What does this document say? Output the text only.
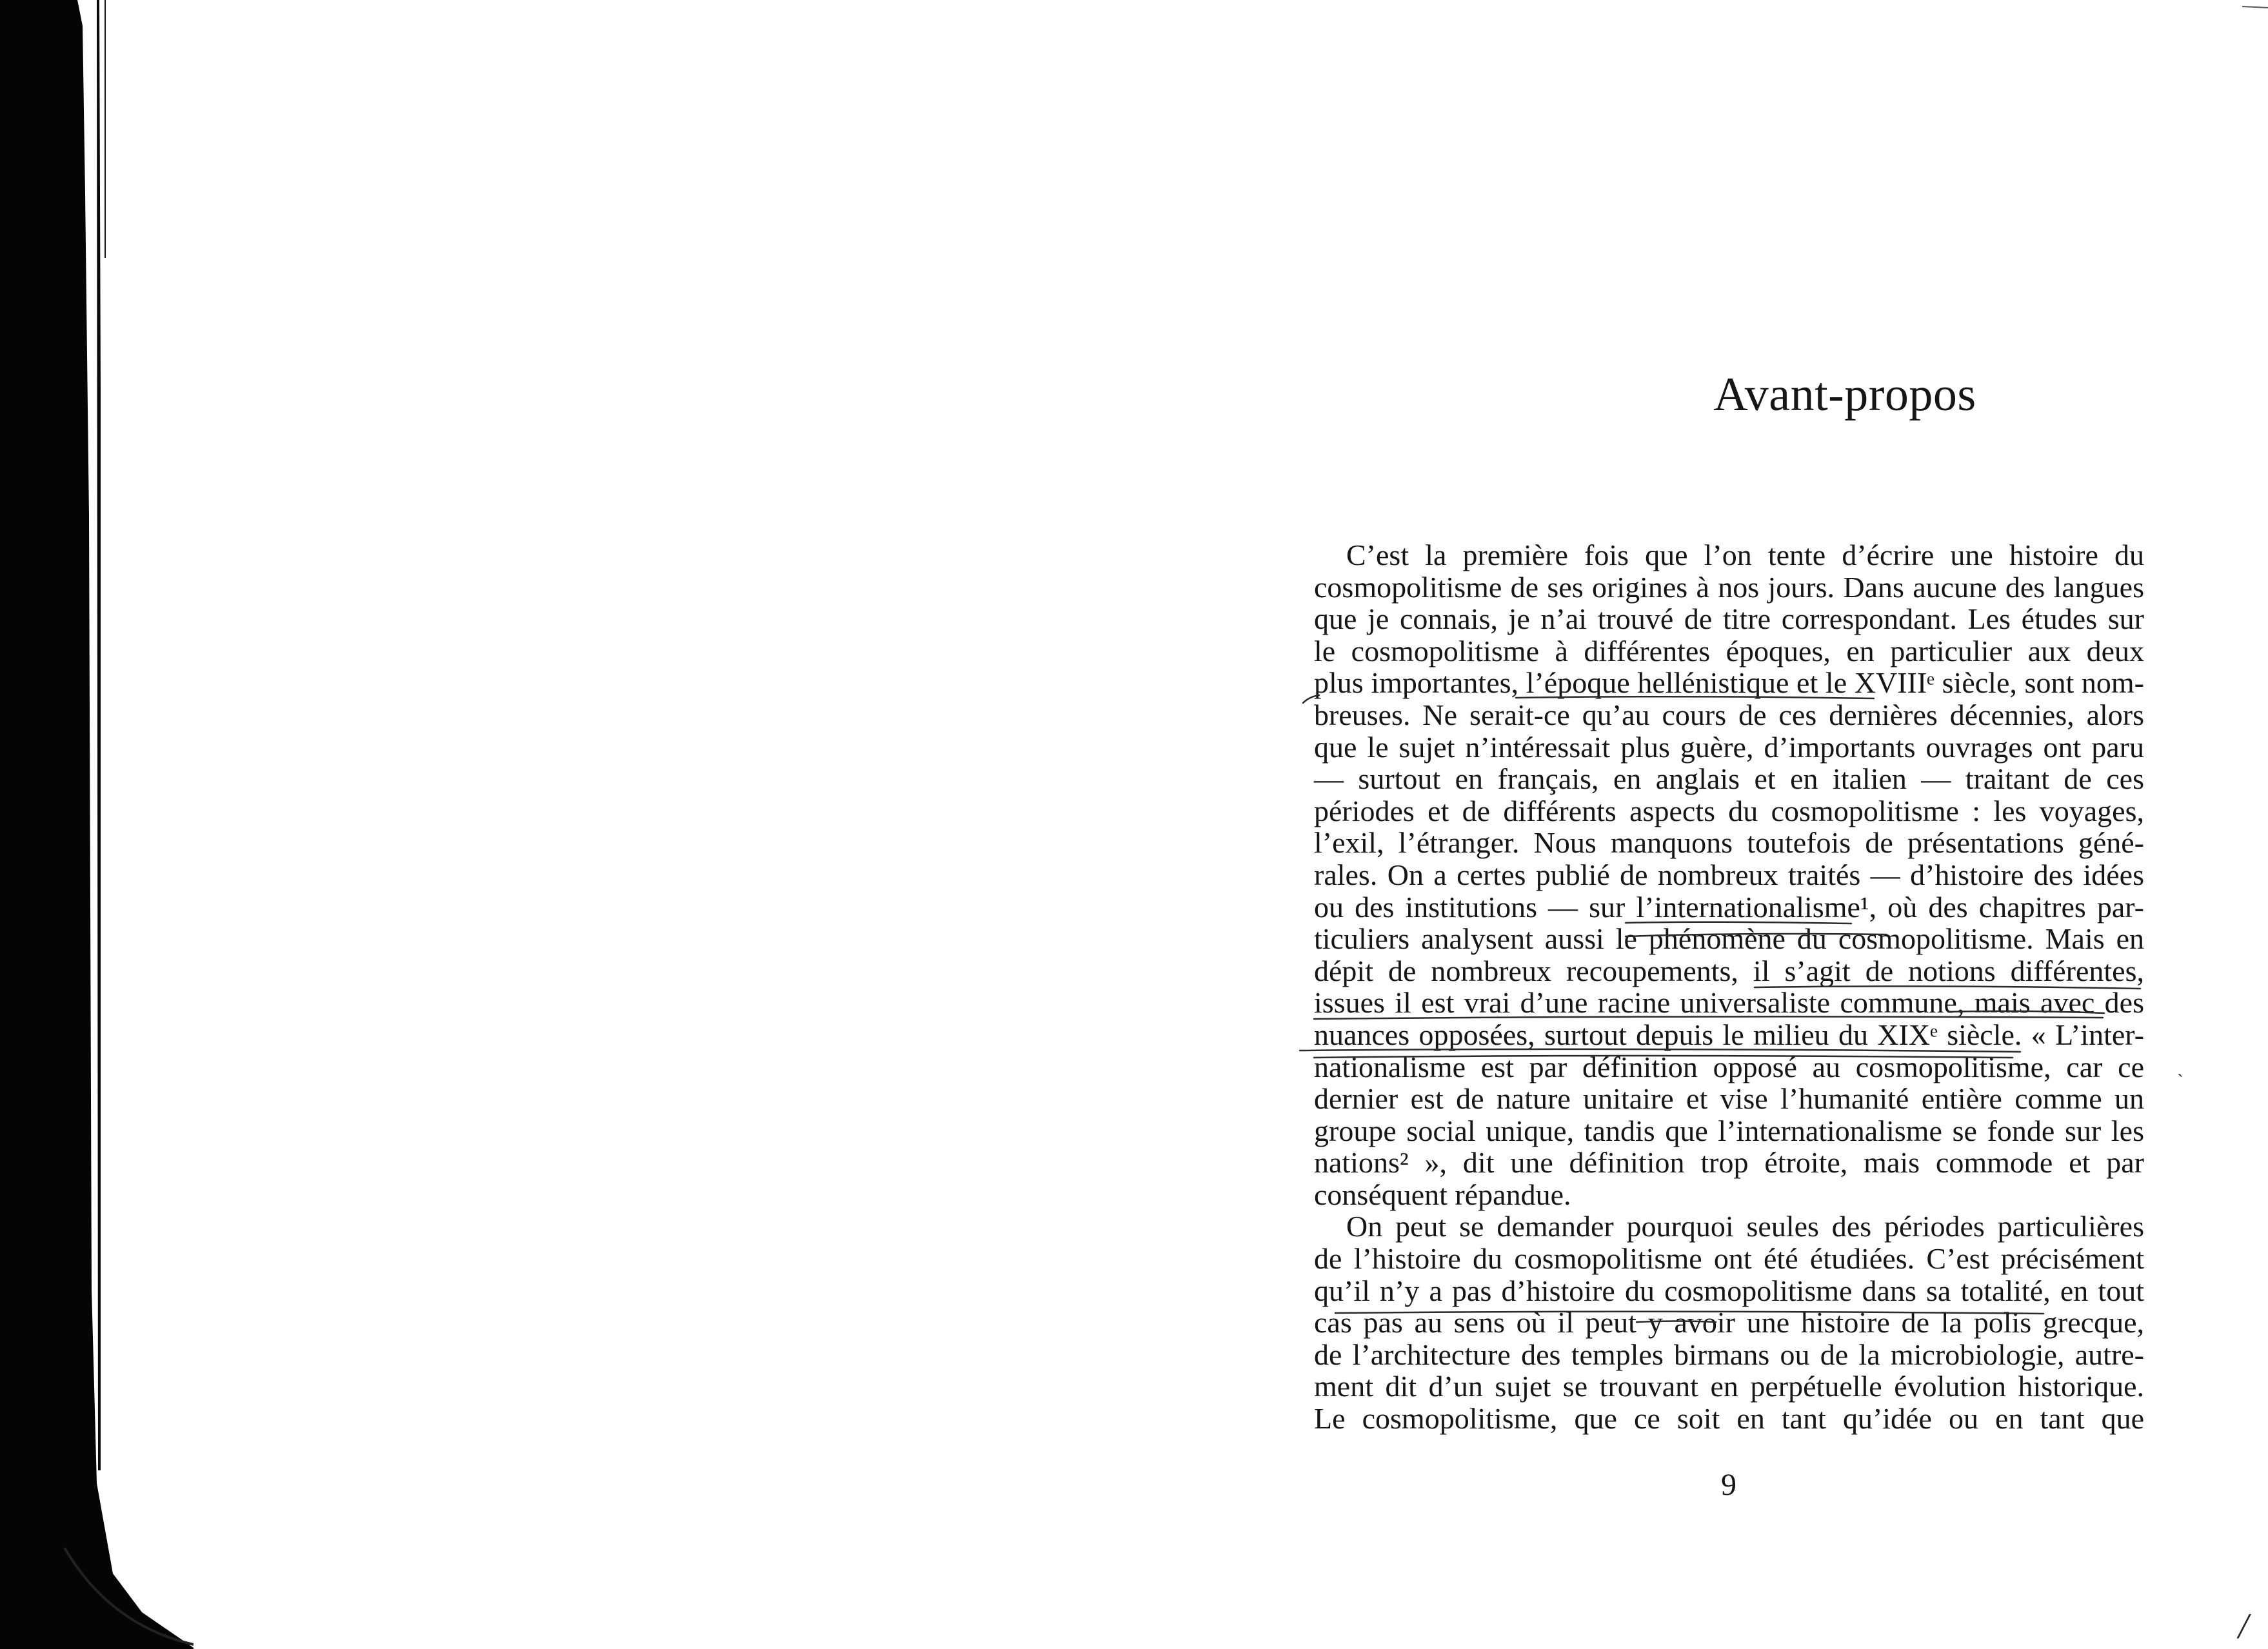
Avant-propos
C’est la première fois que l’on tente d’écrire une histoire du
cosmopolitisme de ses origines à nos jours. Dans aucune des langues
que je connais, je n’ai trouvé de titre correspondant. Les études sur
le cosmopolitisme à différentes époques, en particulier aux deux
plus importantes, l’époque hellénistique et le XVIIIᵉ siècle, sont nom-
breuses. Ne serait-ce qu’au cours de ces dernières décennies, alors
que le sujet n’intéressait plus guère, d’importants ouvrages ont paru
— surtout en français, en anglais et en italien — traitant de ces
périodes et de différents aspects du cosmopolitisme : les voyages,
l’exil, l’étranger. Nous manquons toutefois de présentations géné-
rales. On a certes publié de nombreux traités — d’histoire des idées
ou des institutions — sur l’internationalisme¹, où des chapitres par-
ticuliers analysent aussi le phénomène du cosmopolitisme. Mais en
dépit de nombreux recoupements, il s’agit de notions différentes,
issues il est vrai d’une racine universaliste commune, mais avec des
nuances opposées, surtout depuis le milieu du XIXᵉ siècle. « L’inter-
nationalisme est par définition opposé au cosmopolitisme, car ce
dernier est de nature unitaire et vise l’humanité entière comme un
groupe social unique, tandis que l’internationalisme se fonde sur les
nations² », dit une définition trop étroite, mais commode et par
conséquent répandue.
On peut se demander pourquoi seules des périodes particulières
de l’histoire du cosmopolitisme ont été étudiées. C’est précisément
qu’il n’y a pas d’histoire du cosmopolitisme dans sa totalité, en tout
cas pas au sens où il peut y avoir une histoire de la polis grecque,
de l’architecture des temples birmans ou de la microbiologie, autre-
ment dit d’un sujet se trouvant en perpétuelle évolution historique.
Le cosmopolitisme, que ce soit en tant qu’idée ou en tant que
ˋ
/
9
